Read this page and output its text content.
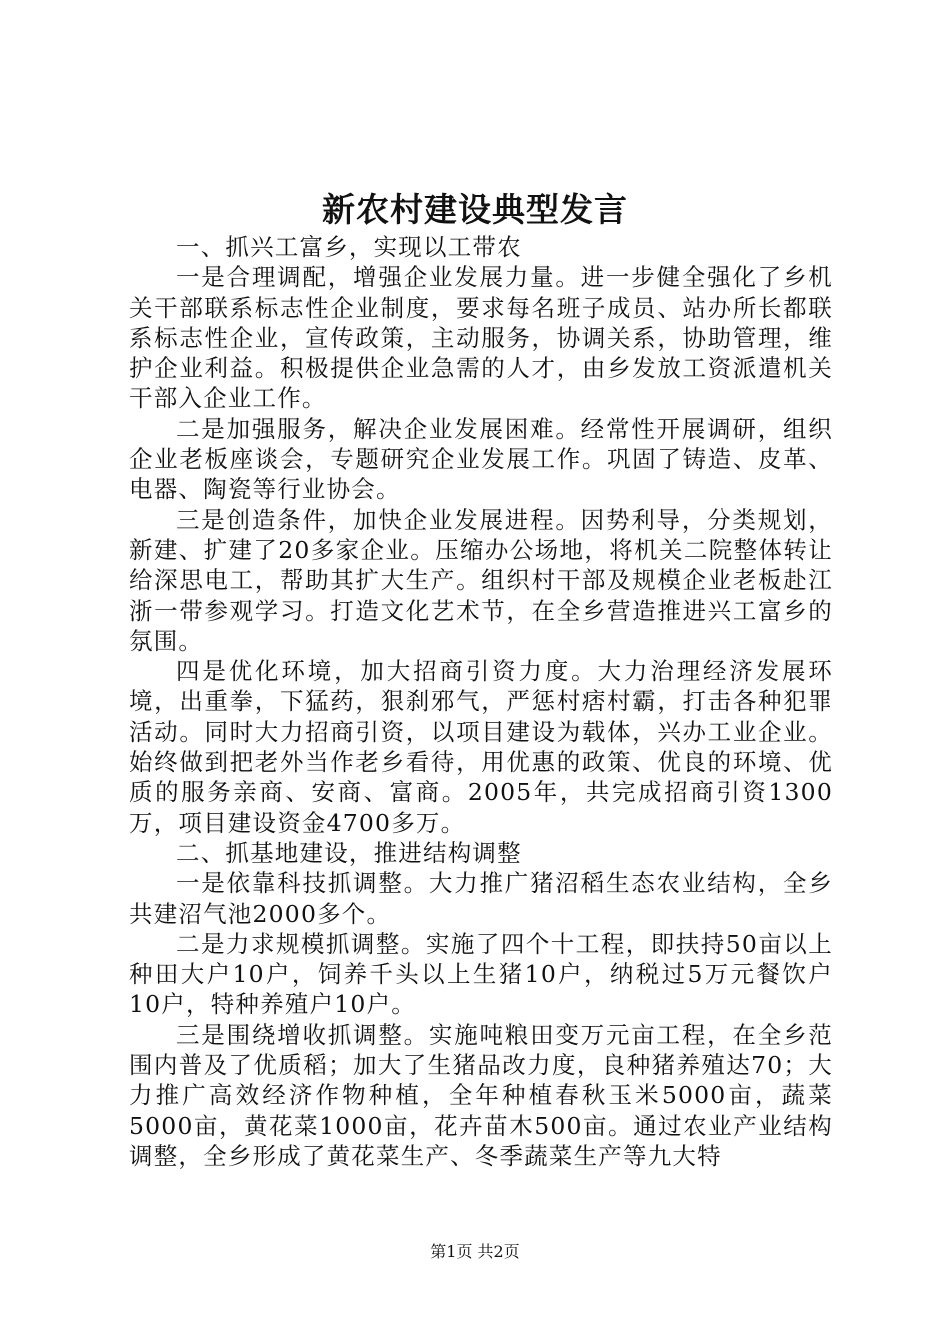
新农村建设典型发言

一、抓兴工富乡，实现以工带农

一是合理调配，增强企业发展力量。进一步健全强化了乡机关干部联系标志性企业制度，要求每名班子成员、站办所长都联系标志性企业，宣传政策，主动服务，协调关系，协助管理，维护企业利益。积极提供企业急需的人才，由乡发放工资派遣机关干部入企业工作。

二是加强服务，解决企业发展困难。经常性开展调研，组织企业老板座谈会，专题研究企业发展工作。巩固了铸造、皮革、电器、陶瓷等行业协会。

三是创造条件，加快企业发展进程。因势利导，分类规划，新建、扩建了20多家企业。压缩办公场地，将机关二院整体转让给深思电工，帮助其扩大生产。组织村干部及规模企业老板赴江浙一带参观学习。打造文化艺术节，在全乡营造推进兴工富乡的氛围。

四是优化环境，加大招商引资力度。大力治理经济发展环境，出重拳，下猛药，狠刹邪气，严惩村痞村霸，打击各种犯罪活动。同时大力招商引资，以项目建设为载体，兴办工业企业。始终做到把老外当作老乡看待，用优惠的政策、优良的环境、优质的服务亲商、安商、富商。2005年，共完成招商引资1300万，项目建设资金4700多万。

二、抓基地建设，推进结构调整

一是依靠科技抓调整。大力推广猪沼稻生态农业结构，全乡共建沼气池2000多个。

二是力求规模抓调整。实施了四个十工程，即扶持50亩以上种田大户10户，饲养千头以上生猪10户，纳税过5万元餐饮户10户，特种养殖户10户。

三是围绕增收抓调整。实施吨粮田变万元亩工程，在全乡范围内普及了优质稻；加大了生猪品改力度，良种猪养殖达70；大力推广高效经济作物种植，全年种植春秋玉米5000亩，蔬菜5000亩，黄花菜1000亩，花卉苗木500亩。通过农业产业结构调整，全乡形成了黄花菜生产、冬季蔬菜生产等九大特

第1页 共2页
